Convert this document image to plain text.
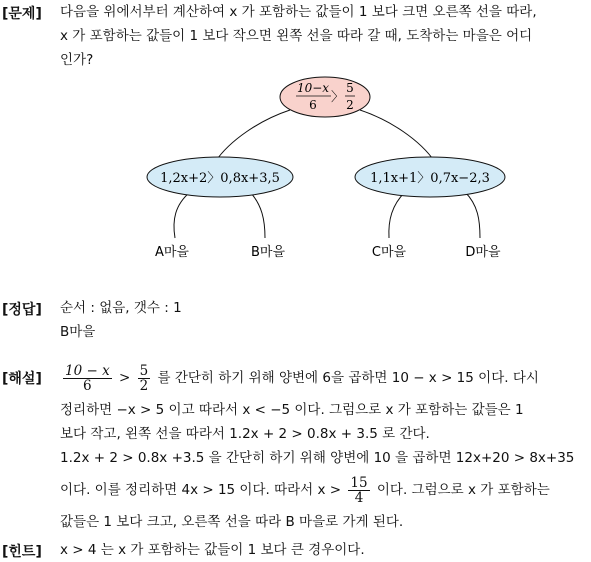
[문제] 다음을 위에서부터 계산하여 x 가 포함하는 값들이 1 보다 크면 오른쪽 선을 따라,
x 가 포함하는 값들이 1 보다 작으면 왼쪽 선을 따라 갈 때, 도착하는 마을은 어디
인가?
10−x
6 〉
5
2
1,2x+2〉0,8x+3,5	1,1x+1〉0,7x−2,3
A마을	B마을	C마을	D마을
[정답] 순서 : 없음, 갯수 : 1
B마을
[해설] $\frac{10 - x}{6} > \frac{5}{2}$ 를 간단히 하기 위해 양변에 6을 곱하면 10 − x > 15 이다. 다시
정리하면 −x > 5 이고 따라서 x < −5 이다. 그럼으로 x 가 포함하는 값들은 1
보다 작고, 왼쪽 선을 따라서 1.2x + 2 > 0.8x + 3.5 로 간다.
1.2x + 2 > 0.8x +3.5 을 간단히 하기 위해 양변에 10 을 곱하면 12x+20 > 8x+35
이다. 이를 정리하면 4x > 15 이다. 따라서 $x > \frac{15}{4}$ 이다. 그럼으로 x 가 포함하는
값들은 1 보다 크고, 오른쪽 선을 따라 B 마을로 가게 된다.
[힌트] x > 4 는 x 가 포함하는 값들이 1 보다 큰 경우이다.
